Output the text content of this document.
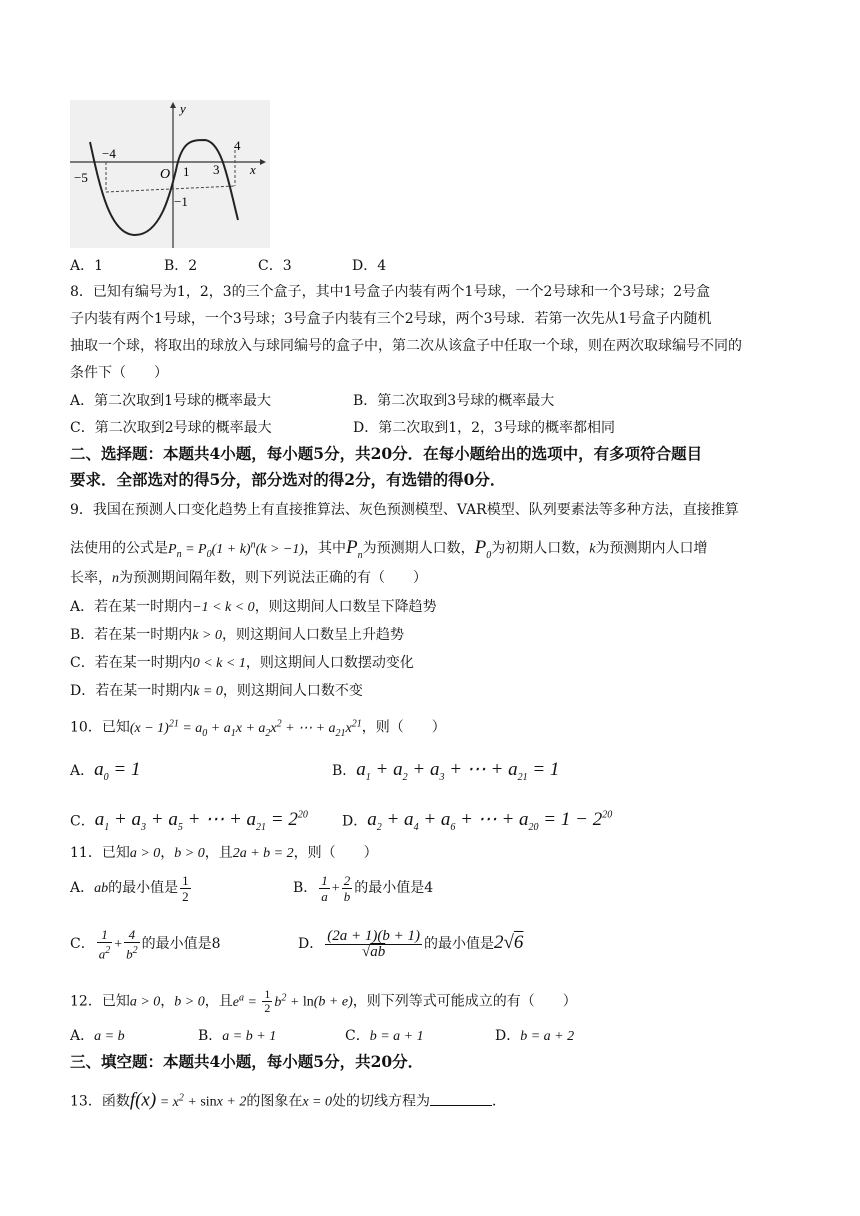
y
x
O
−5
−4
1 3
4
−1
A．1	B．2	C．3	D．4
8．已知有编号为1，2，3的三个盒子，其中1号盒子内装有两个1号球，一个2号球和一个3号球；2号盒
子内装有两个1号球，一个3号球；3号盒子内装有三个2号球，两个3号球．若第一次先从1号盒子内随机
抽取一个球，将取出的球放入与球同编号的盒子中，第二次从该盒子中任取一个球，则在两次取球编号不同的
条件下（　　）
A．第二次取到1号球的概率最大	B．第二次取到3号球的概率最大
C．第二次取到2号球的概率最大	D．第二次取到1，2，3号球的概率都相同
二、选择题：本题共4小题，每小题5分，共20分．在每小题给出的选项中，有多项符合题目
要求．全部选对的得5分，部分选对的得2分，有选错的得0分．
9．我国在预测人口变化趋势上有直接推算法、灰色预测模型、VAR模型、队列要素法等多种方法，直接推算
法使用的公式是$P_n = P_0(1 + k)^n(k > -1)$，其中$P_n$为预测期人口数，$P_0$为初期人口数，k为预测期内人口增
长率，n为预测期间隔年数，则下列说法正确的有（　　）
A．若在某一时期内−1 < k < 0，则这期间人口数呈下降趋势
B．若在某一时期内k > 0，则这期间人口数呈上升趋势
C．若在某一时期内0 < k < 1，则这期间人口数摆动变化
D．若在某一时期内k = 0，则这期间人口数不变
10．已知$(x - 1)^{21} = a_0 + a_1x + a_2x^2$ + ⋯ + $a_{21}x^{21}$，则（　　）
A．$a_0 = 1$	B．$a_1 + a_2 + a_3$ + ⋯ + $a_{21} = 1$
C．$a_1 + a_3 + a_5$ + ⋯ + $a_{21} = 2^{20}$ D．$a_2 + a_4 + a_6$ + ⋯ + $a_{20} = 1 - 2^{20}$
11．已知a > 0，b > 0，且2a + b = 2，则（　　）
A．ab的最小值是 $\frac{1}{2}$	B． $\frac{1}{a} + \frac{2}{b}$ 的最小值是4
C． $\frac{1}{a^2} + \frac{4}{b^2}$ 的最小值是8	D． $\frac{(2a + 1)(b + 1)}{√ab}$ 的最小值是2√6
12．已知a > 0，b > 0，且$e^a = \frac{1}{2} b^2 + \ln(b + e)$，则下列等式可能成立的有（　　）
A．a = b	B．a = b + 1	C．b = a + 1	D．b = a + 2
三、填空题：本题共4小题，每小题5分，共20分．
13．函数$f(x) = x^2 + \sin x + 2$的图象在x = 0处的切线方程为	．
